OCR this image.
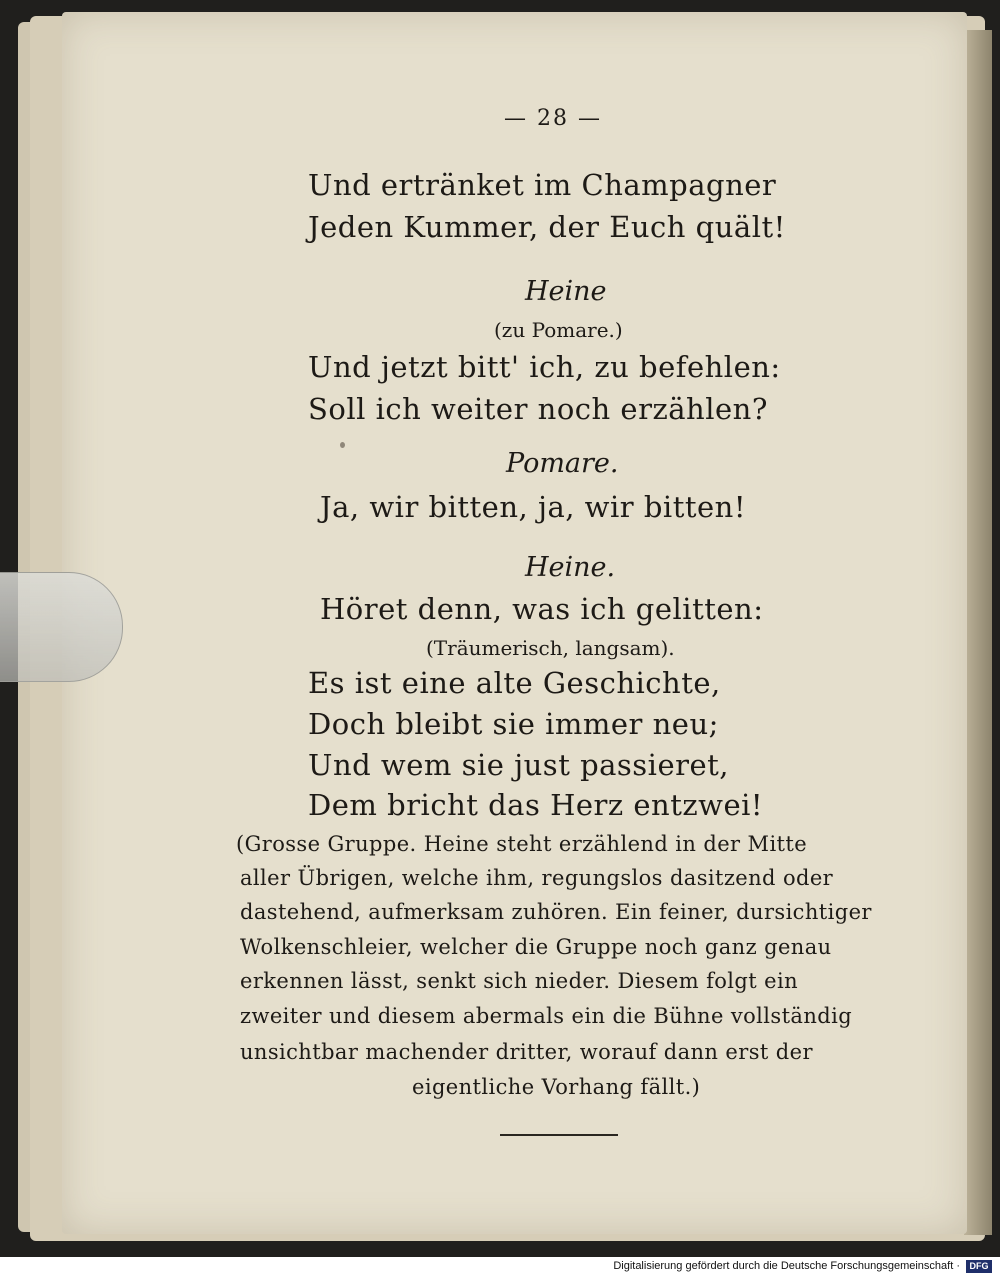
— 28 —
Und ertränket im Champagner
Jeden Kummer, der Euch quält!
Heine
(zu Pomare.)
Und jetzt bitt' ich, zu befehlen:
Soll ich weiter noch erzählen?
Pomare.
Ja, wir bitten, ja, wir bitten!
Heine.
Höret denn, was ich gelitten:
(Träumerisch, langsam).
Es ist eine alte Geschichte,
Doch bleibt sie immer neu;
Und wem sie just passieret,
Dem bricht das Herz entzwei!
(Grosse Gruppe. Heine steht erzählend in der Mitte
aller Übrigen, welche ihm, regungslos dasitzend oder
dastehend, aufmerksam zuhören. Ein feiner, dursichtiger
Wolkenschleier, welcher die Gruppe noch ganz genau
erkennen lässt, senkt sich nieder. Diesem folgt ein
zweiter und diesem abermals ein die Bühne vollständig
unsichtbar machender dritter, worauf dann erst der
eigentliche Vorhang fällt.)
Digitalisierung gefördert durch die Deutsche Forschungsgemeinschaft ·	DFG
